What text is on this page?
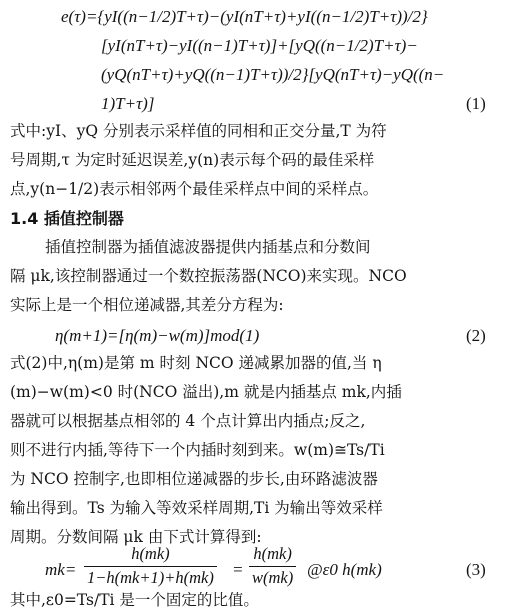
e(τ)={yI((n−1/2)T+τ)−(yI(nT+τ)+yI((n−1/2)T+τ))/2}
[yI(nT+τ)−yI((n−1)T+τ)]+[yQ((n−1/2)T+τ)−
(yQ(nT+τ)+yQ((n−1)T+τ))/2}[yQ(nT+τ)−yQ((n−
1)T+τ)]	(1)
式中:yI、yQ 分别表示采样值的同相和正交分量,T 为符
号周期,τ 为定时延迟误差,y(n)表示每个码的最佳采样
点,y(n−1/2)表示相邻两个最佳采样点中间的采样点。
1.4 插值控制器
插值控制器为插值滤波器提供内插基点和分数间
隔 μk,该控制器通过一个数控振荡器(NCO)来实现。NCO
实际上是一个相位递减器,其差分方程为:
η(m+1)=[η(m)−w(m)]mod(1)	(2)
式(2)中,η(m)是第 m 时刻 NCO 递减累加器的值,当 η
(m)−w(m)<0 时(NCO 溢出),m 就是内插基点 mk,内插
器就可以根据基点相邻的 4 个点计算出内插点;反之,
则不进行内插,等待下一个内插时刻到来。w(m)≅Ts/Ti
为 NCO 控制字,也即相位递减器的步长,由环路滤波器
输出得到。Ts 为输入等效采样周期,Ti 为输出等效采样
周期。分数间隔 μk 由下式计算得到:
mk=
h(mk)
1−h(mk+1)+h(mk) =
h(mk)
w(mk) @ε0 h(mk)	(3)
其中,ε0=Ts/Ti 是一个固定的比值。
